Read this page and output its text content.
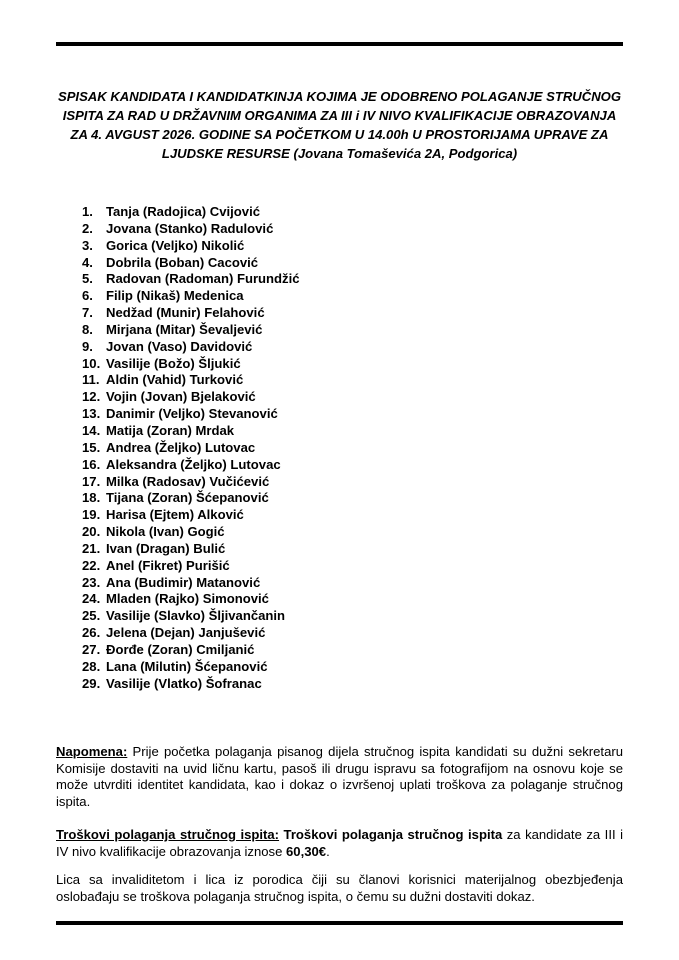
SPISAK KANDIDATA I KANDIDATKINJA KOJIMA JE ODOBRENO POLAGANJE STRUČNOG ISPITA ZA RAD U DRŽAVNIM ORGANIMA ZA III i IV NIVO KVALIFIKACIJE OBRAZOVANJA ZA 4. AVGUST 2026. GODINE SA POČETKOM U 14.00h U PROSTORIJAMA UPRAVE ZA LJUDSKE RESURSE (Jovana Tomaševića 2A, Podgorica)

1. Tanja (Radojica) Cvijović
2. Jovana (Stanko) Radulović
3. Gorica (Veljko) Nikolić
4. Dobrila (Boban) Cacović
5. Radovan (Radoman) Furundžić
6. Filip (Nikaš) Medenica
7. Nedžad (Munir) Felahović
8. Mirjana (Mitar) Ševaljević
9. Jovan (Vaso) Davidović
10. Vasilije (Božo) Šljukić
11. Aldin (Vahid) Turković
12. Vojin (Jovan) Bjelaković
13. Danimir (Veljko) Stevanović
14. Matija (Zoran) Mrdak
15. Andrea (Željko) Lutovac
16. Aleksandra (Željko) Lutovac
17. Milka (Radosav) Vučićević
18. Tijana (Zoran) Šćepanović
19. Harisa (Ejtem) Alković
20. Nikola (Ivan) Gogić
21. Ivan (Dragan) Bulić
22. Anel (Fikret) Purišić
23. Ana (Budimir) Matanović
24. Mladen (Rajko) Simonović
25. Vasilije (Slavko) Šljivančanin
26. Jelena (Dejan) Janjušević
27. Đorđe (Zoran) Cmiljanić
28. Lana (Milutin) Šćepanović
29. Vasilije (Vlatko) Šofranac

Napomena: Prije početka polaganja pisanog dijela stručnog ispita kandidati su dužni sekretaru Komisije dostaviti na uvid ličnu kartu, pasoš ili drugu ispravu sa fotografijom na osnovu koje se može utvrditi identitet kandidata, kao i dokaz o izvršenoj uplati troškova za polaganje stručnog ispita.

Troškovi polaganja stručnog ispita: Troškovi polaganja stručnog ispita za kandidate za III i IV nivo kvalifikacije obrazovanja iznose 60,30€.

Lica sa invaliditetom i lica iz porodica čiji su članovi korisnici materijalnog obezbjeđenja oslobađaju se troškova polaganja stručnog ispita, o čemu su dužni dostaviti dokaz.
